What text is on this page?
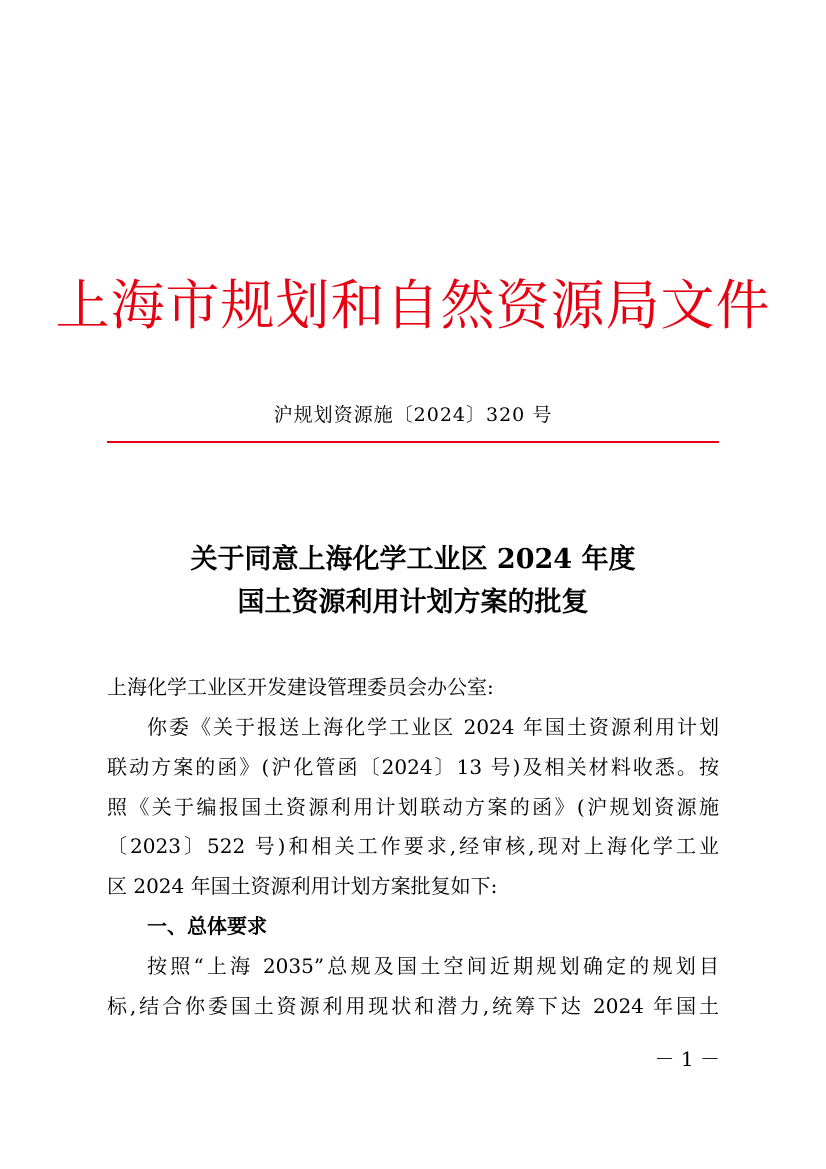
上海市规划和自然资源局文件
沪规划资源施〔2024〕320 号
关于同意上海化学工业区 2024 年度
国土资源利用计划方案的批复
上海化学工业区开发建设管理委员会办公室:
你委《关于报送上海化学工业区 2024 年国土资源利用计划
联动方案的函》(沪化管函〔2024〕13 号)及相关材料收悉。按
照《关于编报国土资源利用计划联动方案的函》(沪规划资源施
〔2023〕522 号)和相关工作要求,经审核,现对上海化学工业
区 2024 年国土资源利用计划方案批复如下:
一、总体要求
按照“上海 2035”总规及国土空间近期规划确定的规划目
标,结合你委国土资源利用现状和潜力,统筹下达 2024 年国土
－ 1 －
